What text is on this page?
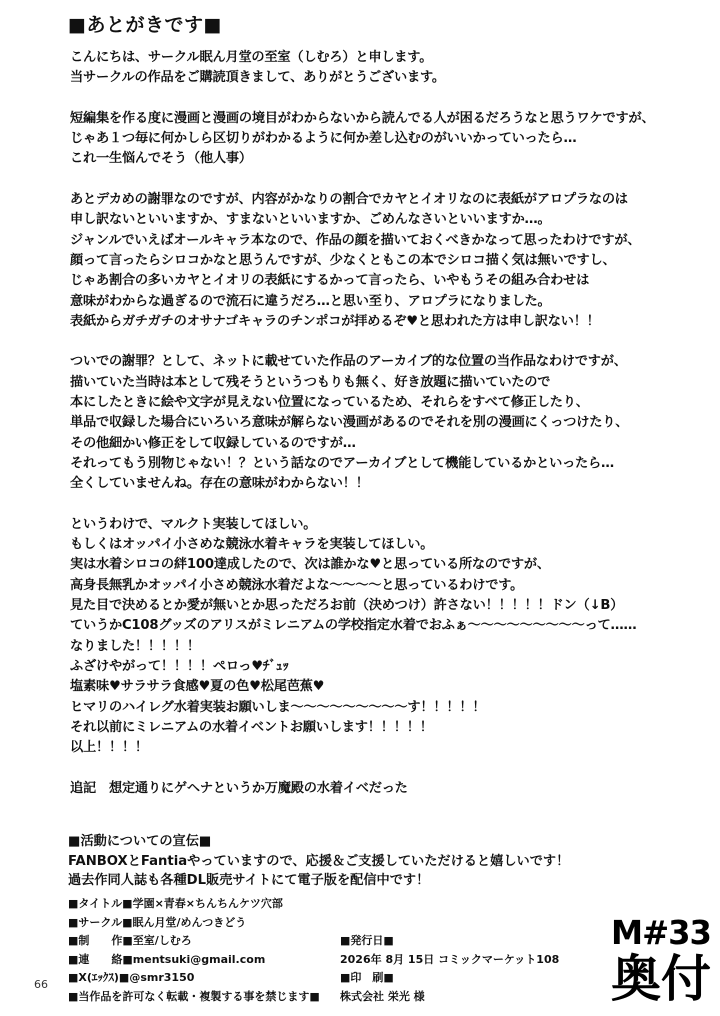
■あとがきです■
こんにちは、サークル眠ん月堂の至室（しむろ）と申します。
当サークルの作品をご購読頂きまして、ありがとうございます。

短編集を作る度に漫画と漫画の境目がわからないから読んでる人が困るだろうなと思うワケですが、
じゃあ１つ毎に何かしら区切りがわかるように何か差し込むのがいいかっていったら…
これ一生悩んでそう（他人事）

あとデカめの謝罪なのですが、内容がかなりの割合でカヤとイオリなのに表紙がアロプラなのは
申し訳ないといいますか、すまないといいますか、ごめんなさいといいますか…。
ジャンルでいえばオールキャラ本なので、作品の顔を描いておくべきかなって思ったわけですが、
顔って言ったらシロコかなと思うんですが、少なくともこの本でシロコ描く気は無いですし、
じゃあ割合の多いカヤとイオリの表紙にするかって言ったら、いやもうその組み合わせは
意味がわからな過ぎるので流石に違うだろ…と思い至り、アロプラになりました。
表紙からガチガチのオサナゴキャラのチンポコが拝めるぞ♥と思われた方は申し訳ない！！

ついでの謝罪？として、ネットに載せていた作品のアーカイブ的な位置の当作品なわけですが、
描いていた当時は本として残そうというつもりも無く、好き放題に描いていたので
本にしたときに絵や文字が見えない位置になっているため、それらをすべて修正したり、
単品で収録した場合にいろいろ意味が解らない漫画があるのでそれを別の漫画にくっつけたり、
その他細かい修正をして収録しているのですが…
それってもう別物じゃない！？という話なのでアーカイブとして機能しているかといったら…
全くしていませんね。存在の意味がわからない！！

というわけで、マルクト実装してほしい。
もしくはオッパイ小さめな競泳水着キャラを実装してほしい。
実は水着シロコの絆100達成したので、次は誰かな♥と思っている所なのですが、
高身長無乳かオッパイ小さめ競泳水着だよな〜〜〜〜と思っているわけです。
見た目で決めるとか愛が無いとか思っただろお前（決めつけ）許さない！！！！！ドン（↓B）
ていうかC108グッズのアリスがミレニアムの学校指定水着でおふぁ〜〜〜〜〜〜〜〜〜って……
なりました！！！！！
ふざけやがって！！！！ペロっ♥ﾁﾞｭｯ
塩素味♥サラサラ食感♥夏の色♥松尾芭蕉♥
ヒマリのハイレグ水着実装お願いしま〜〜〜〜〜〜〜〜〜す！！！！！
それ以前にミレニアムの水着イベントお願いします！！！！！
以上！！！！

追記　想定通りにゲヘナというか万魔殿の水着イベだった
■活動についての宣伝■
FANBOXとFantiaやっていますので、応援＆ご支援していただけると嬉しいです！
過去作同人誌も各種DL販売サイトにて電子版を配信中です！
■タイトル■学園×青春×ちんちんケツ穴部
■サークル■眠ん月堂/めんつきどう
■制　　作■至室/しむろ
■連　　絡■mentsuki@gmail.com
■X(ｴｯｸｽ)■@smr3150
■当作品を許可なく転載・複製する事を禁じます■
■発行日■
2026年 8月 15日 コミックマーケット108
■印　刷■
株式会社 栄光 様
M#33
奥付
66
